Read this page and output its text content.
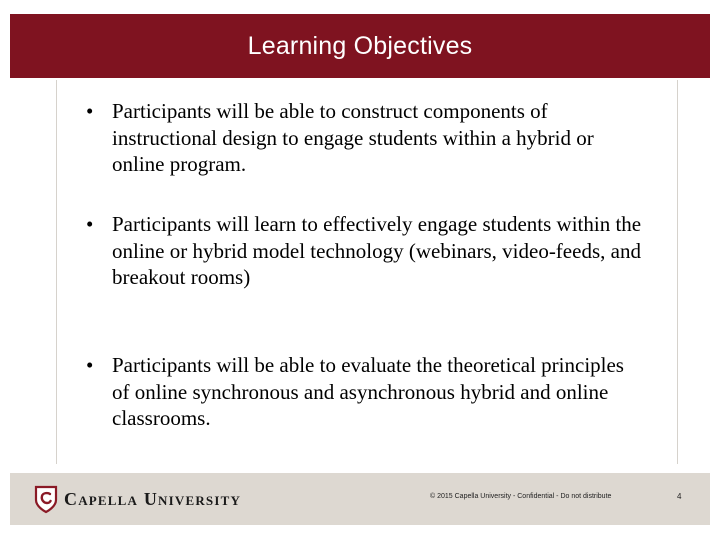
Learning Objectives
• Participants will be able to construct components of instructional design to engage students within a hybrid or online program.
• Participants will learn to effectively engage students within the online or hybrid model technology (webinars, video-feeds, and breakout rooms)
• Participants will be able to evaluate the theoretical principles of online synchronous and asynchronous hybrid and online classrooms.
Capella University	© 2015 Capella University - Confidential - Do not distribute	4
